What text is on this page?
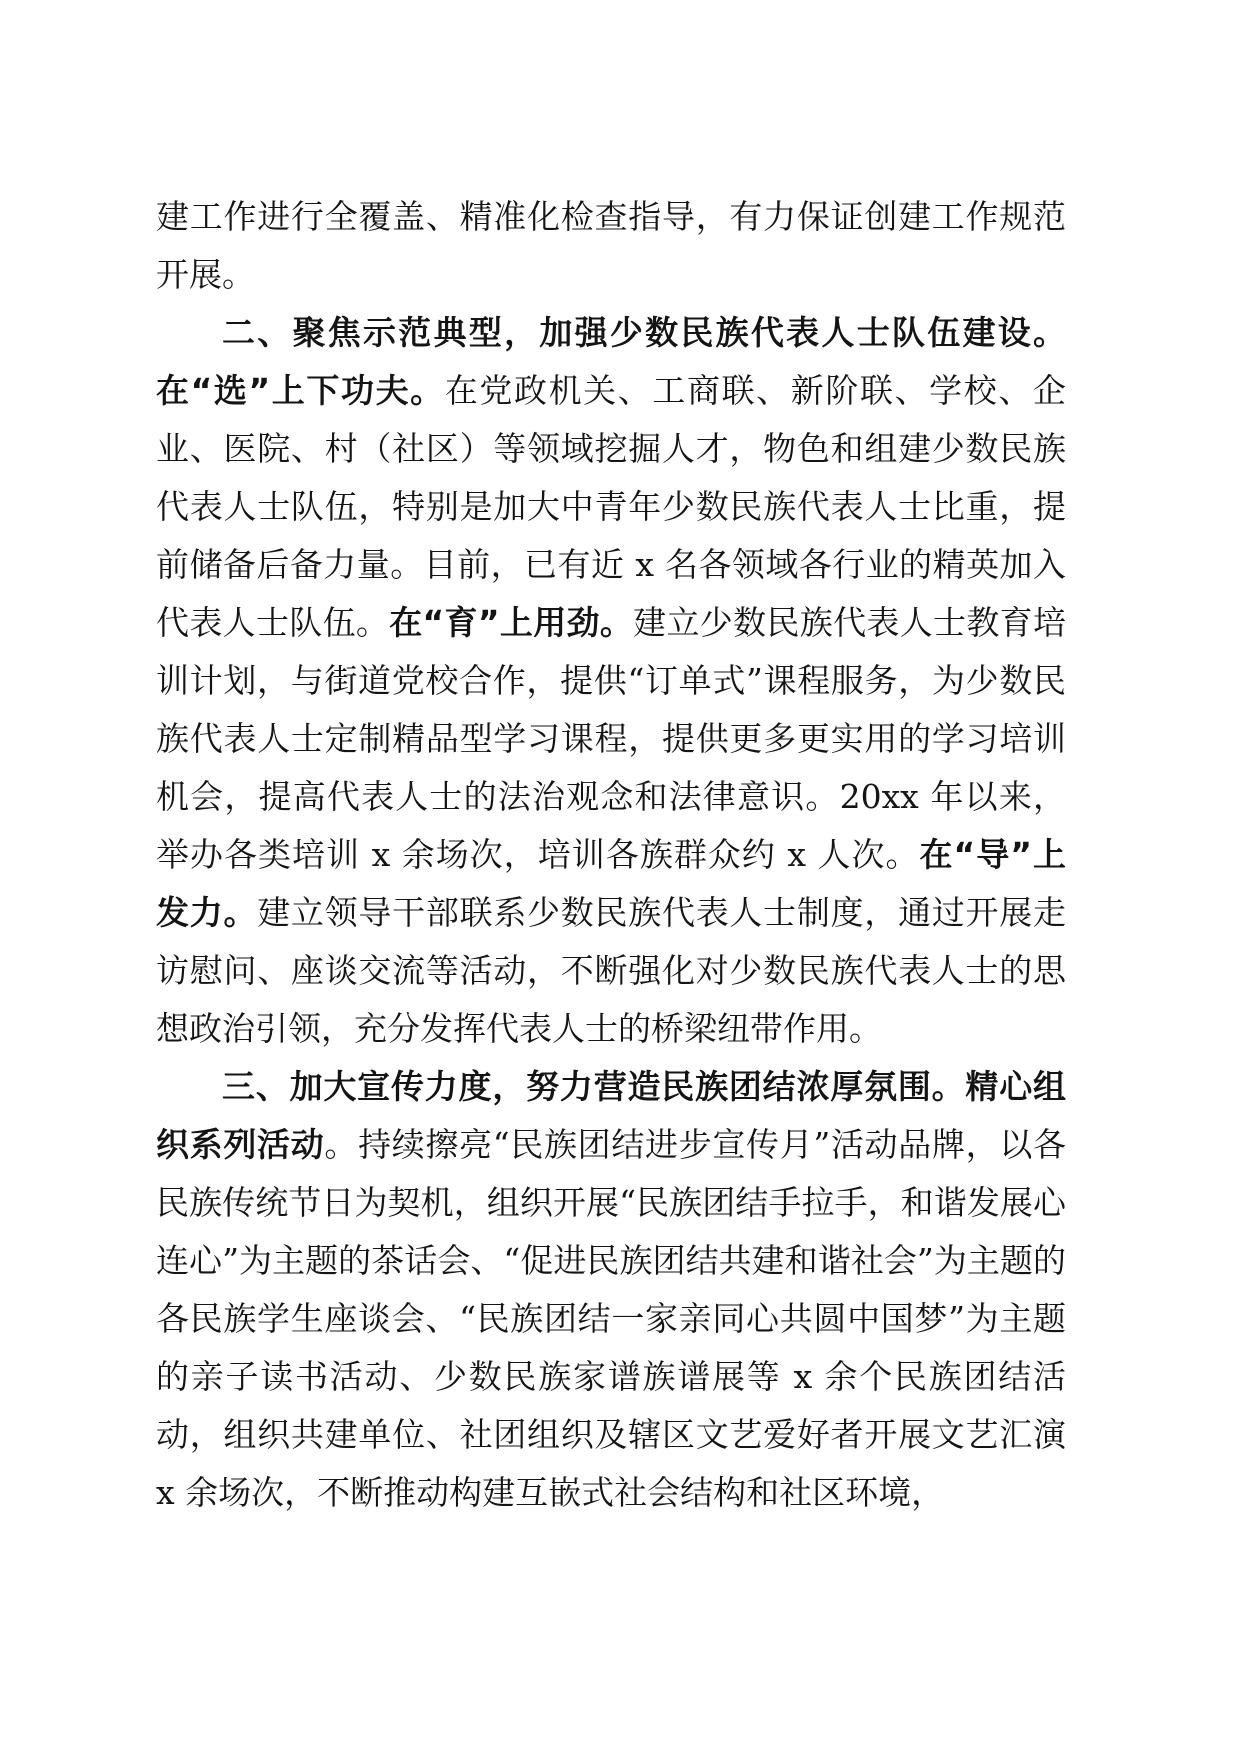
建工作进行全覆盖、精准化检查指导，有力保证创建工作规范开展。

二、聚焦示范典型，加强少数民族代表人士队伍建设。在“选”上下功夫。在党政机关、工商联、新阶联、学校、企业、医院、村（社区）等领域挖掘人才，物色和组建少数民族代表人士队伍，特别是加大中青年少数民族代表人士比重，提前储备后备力量。目前，已有近 x 名各领域各行业的精英加入代表人士队伍。在“育”上用劲。建立少数民族代表人士教育培训计划，与街道党校合作，提供“订单式”课程服务，为少数民族代表人士定制精品型学习课程，提供更多更实用的学习培训机会，提高代表人士的法治观念和法律意识。20xx 年以来，举办各类培训 x 余场次，培训各族群众约 x 人次。在“导”上发力。建立领导干部联系少数民族代表人士制度，通过开展走访慰问、座谈交流等活动，不断强化对少数民族代表人士的思想政治引领，充分发挥代表人士的桥梁纽带作用。

三、加大宣传力度，努力营造民族团结浓厚氛围。精心组织系列活动。持续擦亮“民族团结进步宣传月”活动品牌，以各民族传统节日为契机，组织开展“民族团结手拉手，和谐发展心连心”为主题的茶话会、“促进民族团结共建和谐社会”为主题的各民族学生座谈会、“民族团结一家亲同心共圆中国梦”为主题的亲子读书活动、少数民族家谱族谱展等 x 余个民族团结活动，组织共建单位、社团组织及辖区文艺爱好者开展文艺汇演 x 余场次，不断推动构建互嵌式社会结构和社区环境，
